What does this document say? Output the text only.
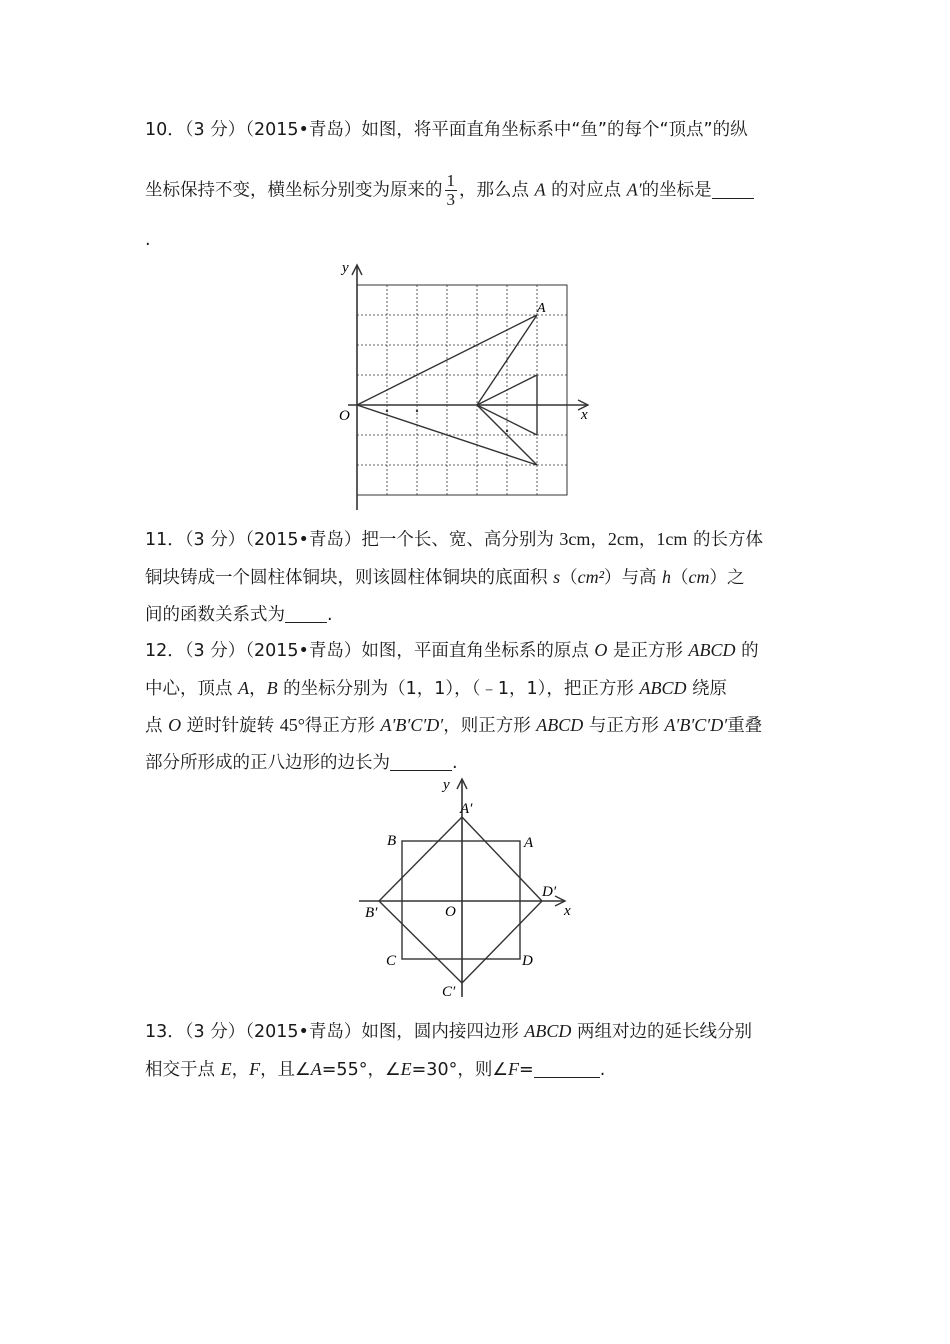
10．（3 分）（2015•青岛）如图，将平面直角坐标系中“鱼”的每个“顶点”的纵
坐标保持不变，横坐标分别变为原来的 $\frac{1}{3}$ ，那么点 A 的对应点 A′的坐标是
.
y
x
O
A
11．（3 分）（2015•青岛）把一个长、宽、高分别为 3cm，2cm，1cm 的长方体
铜块铸成一个圆柱体铜块，则该圆柱体铜块的底面积 s（cm²）与高 h（cm）之
间的函数关系式为 .
12．（3 分）（2015•青岛）如图，平面直角坐标系的原点 O 是正方形 ABCD 的
中心，顶点 A，B 的坐标分别为（1，1），（﹣1，1），把正方形 ABCD 绕原
点 O 逆时针旋转 45°得正方形 A′B′C′D′，则正方形 ABCD 与正方形 A′B′C′D′重叠
部分所形成的正八边形的边长为	.
y
x
O
A′
A
B
D′
B′
C	D
C′
13．（3 分）（2015•青岛）如图，圆内接四边形 ABCD 两组对边的延长线分别
相交于点 E，F，且∠A=55°，∠E=30°，则∠F=	.
